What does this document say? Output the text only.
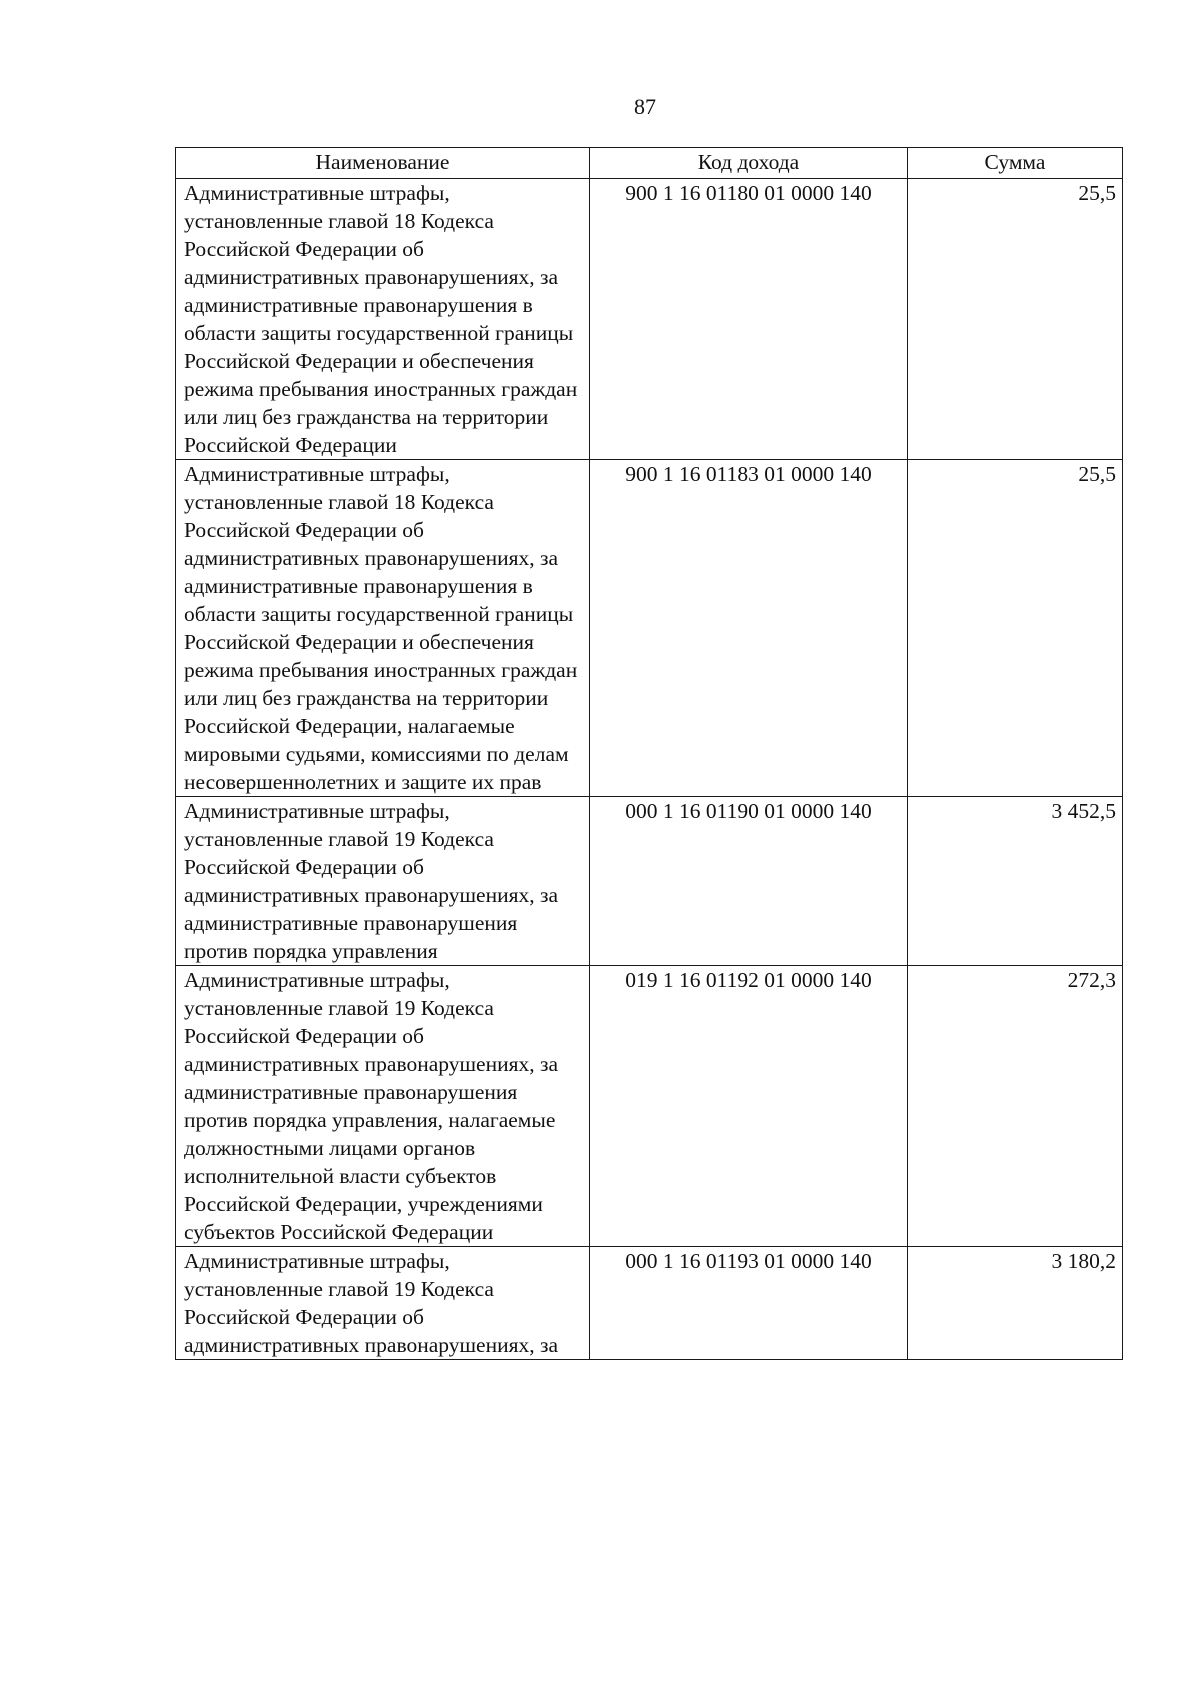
87
Наименование	Код дохода	Сумма
Административные штрафы, установленные главой 18 Кодекса Российской Федерации об административных правонарушениях, за административные правонарушения в области защиты государственной границы Российской Федерации и обеспечения режима пребывания иностранных граждан или лиц без гражданства на территории Российской Федерации	900 1 16 01180 01 0000 140	25,5
Административные штрафы, установленные главой 18 Кодекса Российской Федерации об административных правонарушениях, за административные правонарушения в области защиты государственной границы Российской Федерации и обеспечения режима пребывания иностранных граждан или лиц без гражданства на территории Российской Федерации, налагаемые мировыми судьями, комиссиями по делам несовершеннолетних и защите их прав	900 1 16 01183 01 0000 140	25,5
Административные штрафы, установленные главой 19 Кодекса Российской Федерации об административных правонарушениях, за административные правонарушения против порядка управления	000 1 16 01190 01 0000 140	3 452,5
Административные штрафы, установленные главой 19 Кодекса Российской Федерации об административных правонарушениях, за административные правонарушения против порядка управления, налагаемые должностными лицами органов исполнительной власти субъектов Российской Федерации, учреждениями субъектов Российской Федерации	019 1 16 01192 01 0000 140	272,3
Административные штрафы, установленные главой 19 Кодекса Российской Федерации об административных правонарушениях, за	000 1 16 01193 01 0000 140	3 180,2
